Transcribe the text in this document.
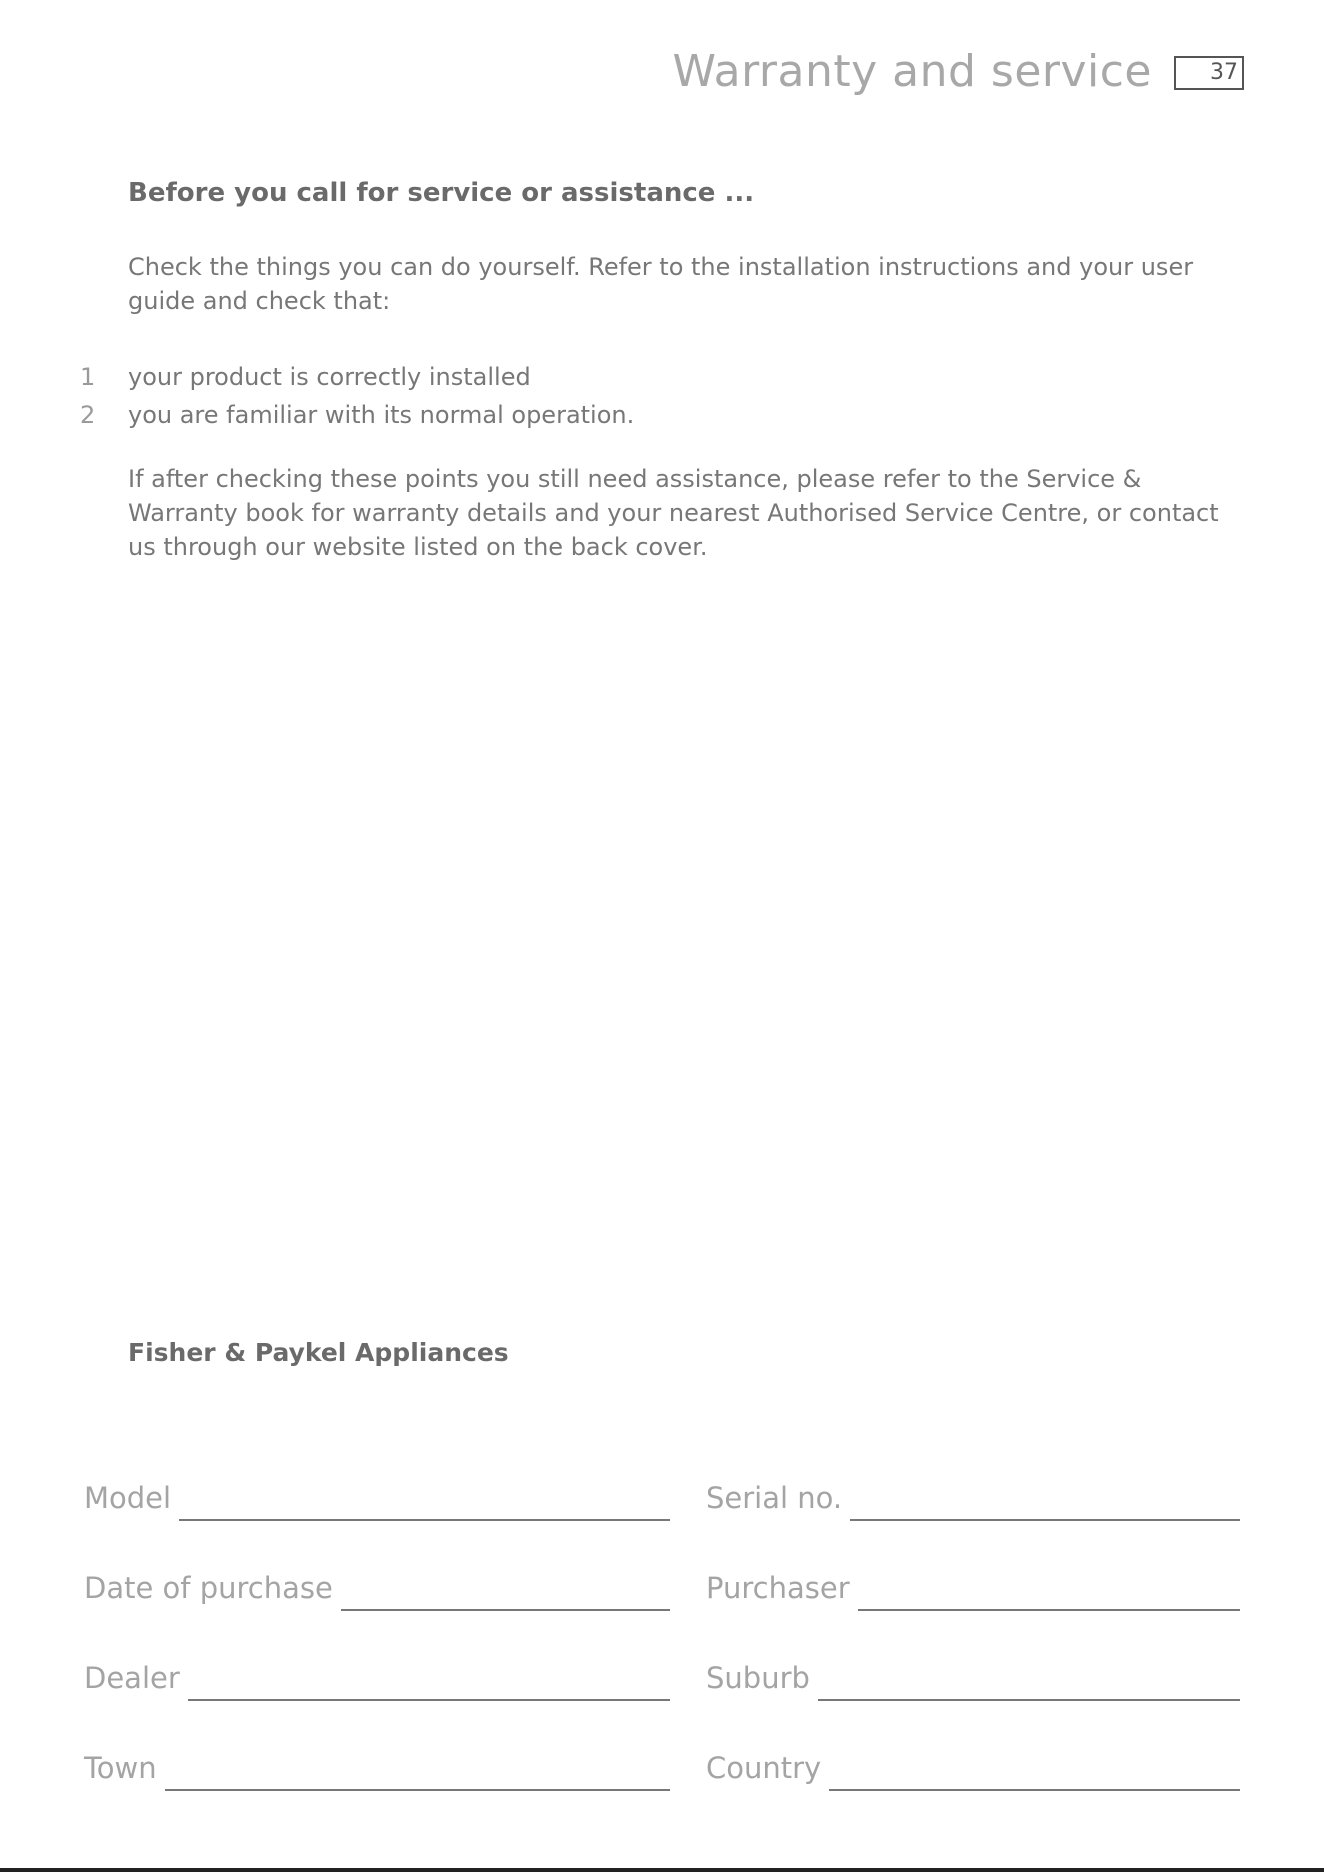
Warranty and service	37
Before you call for service or assistance ...
Check the things you can do yourself. Refer to the installation instructions and your user guide and check that:
1	your product is correctly installed
2	you are familiar with its normal operation.
If after checking these points you still need assistance, please refer to the Service & Warranty book for warranty details and your nearest Authorised Service Centre, or contact us through our website listed on the back cover.
Fisher & Paykel Appliances
Model	Serial no.
Date of purchase	Purchaser
Dealer	Suburb
Town	Country
